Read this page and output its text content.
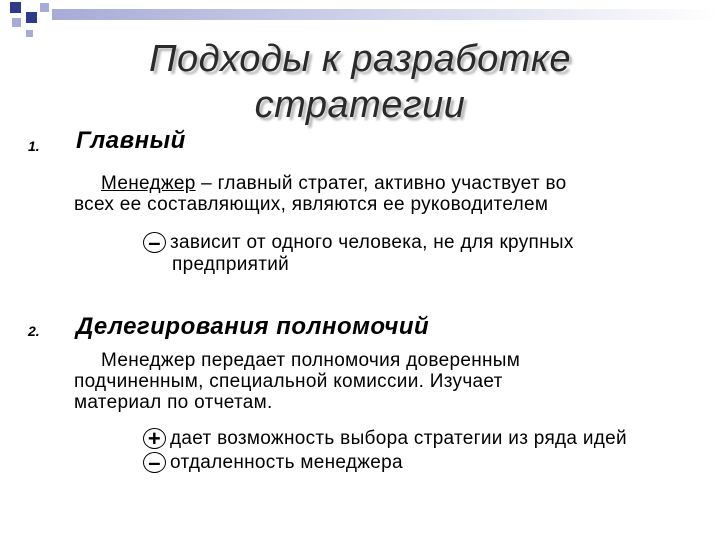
Подходы к разработке
стратегии
1. Главный
Менеджер – главный стратег, активно участвует во
всех ее составляющих, являются ее руководителем
– зависит от одного человека, не для крупных
предприятий
2. Делегирования полномочий
Менеджер передает полномочия доверенным
подчиненным, специальной комиссии. Изучает
материал по отчетам.
+ дает возможность выбора стратегии из ряда идей
– отдаленность менеджера
